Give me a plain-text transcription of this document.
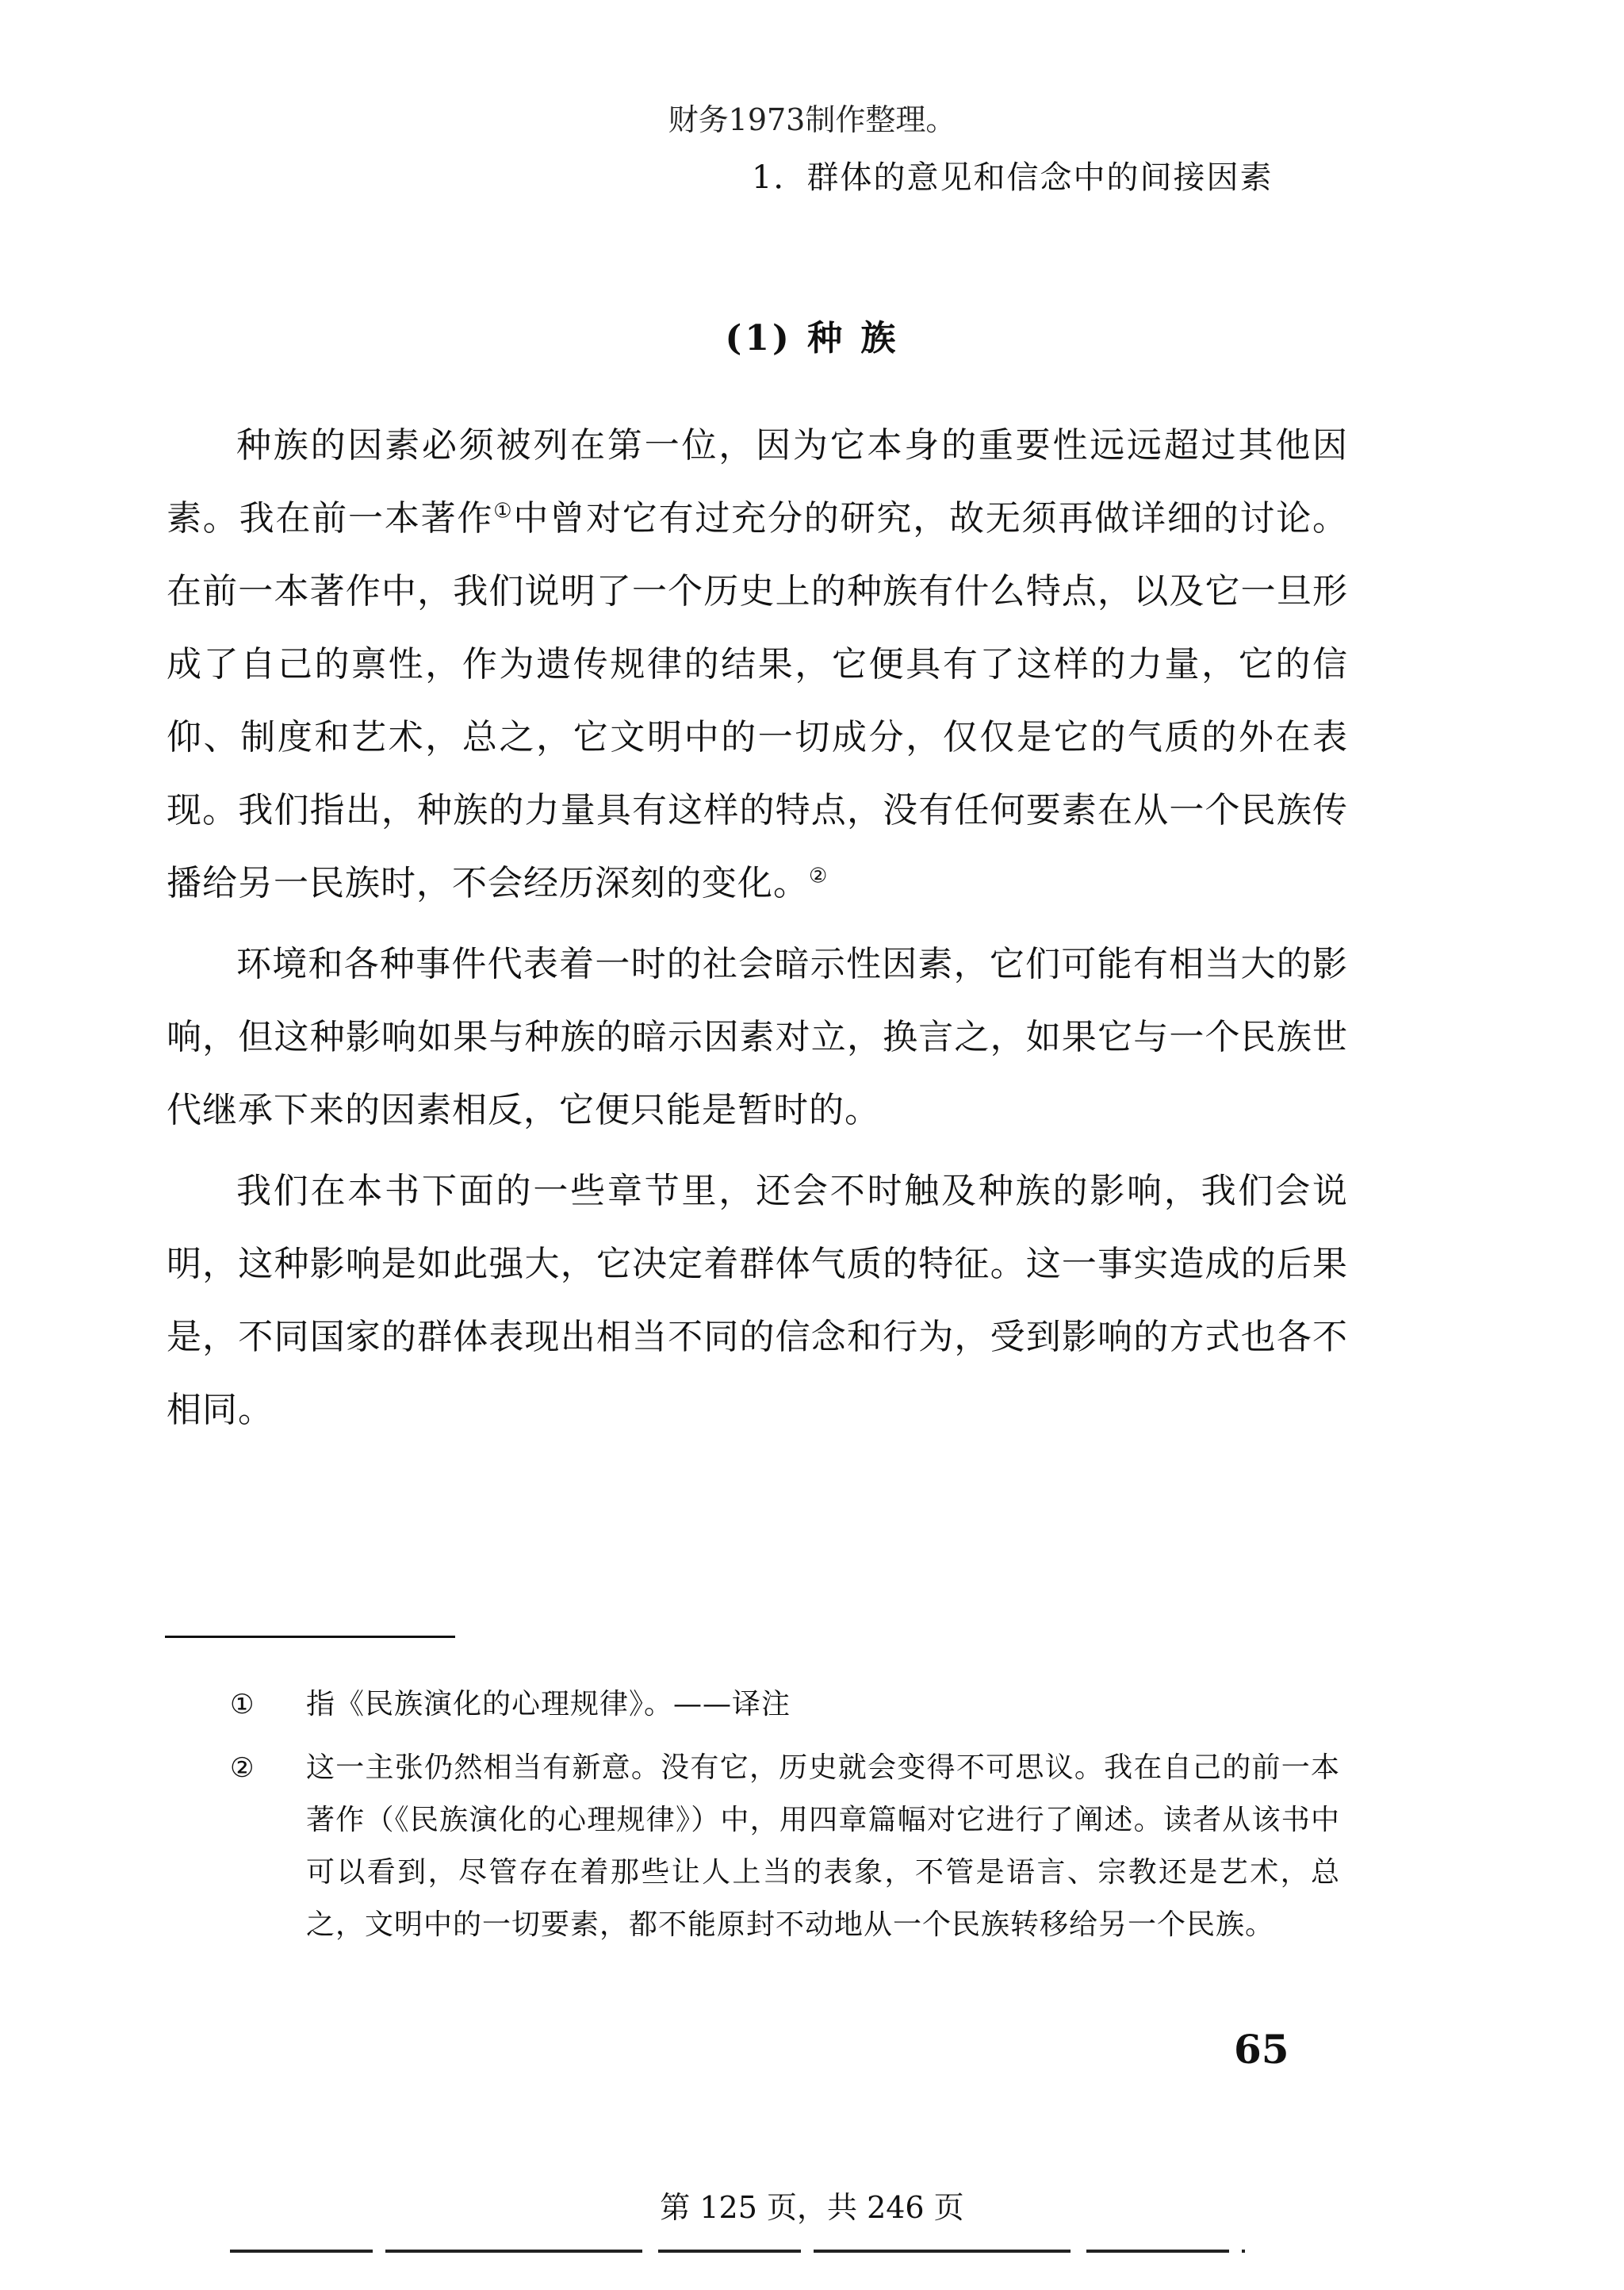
财务1973制作整理。
1．群体的意见和信念中的间接因素
(1) 种 族

种族的因素必须被列在第一位，因为它本身的重要性远远超过其他因素。我在前一本著作①中曾对它有过充分的研究，故无须再做详细的讨论。在前一本著作中，我们说明了一个历史上的种族有什么特点，以及它一旦形成了自己的禀性，作为遗传规律的结果，它便具有了这样的力量，它的信仰、制度和艺术，总之，它文明中的一切成分，仅仅是它的气质的外在表现。我们指出，种族的力量具有这样的特点，没有任何要素在从一个民族传播给另一民族时，不会经历深刻的变化。②

环境和各种事件代表着一时的社会暗示性因素，它们可能有相当大的影响，但这种影响如果与种族的暗示因素对立，换言之，如果它与一个民族世代继承下来的因素相反，它便只能是暂时的。

我们在本书下面的一些章节里，还会不时触及种族的影响，我们会说明，这种影响是如此强大，它决定着群体气质的特征。这一事实造成的后果是，不同国家的群体表现出相当不同的信念和行为，受到影响的方式也各不相同。

①	指《民族演化的心理规律》。——译注
②	这一主张仍然相当有新意。没有它，历史就会变得不可思议。我在自己的前一本著作（《民族演化的心理规律》）中，用四章篇幅对它进行了阐述。读者从该书中可以看到，尽管存在着那些让人上当的表象，不管是语言、宗教还是艺术，总之，文明中的一切要素，都不能原封不动地从一个民族转移给另一个民族。
65
第 125 页，共 246 页
